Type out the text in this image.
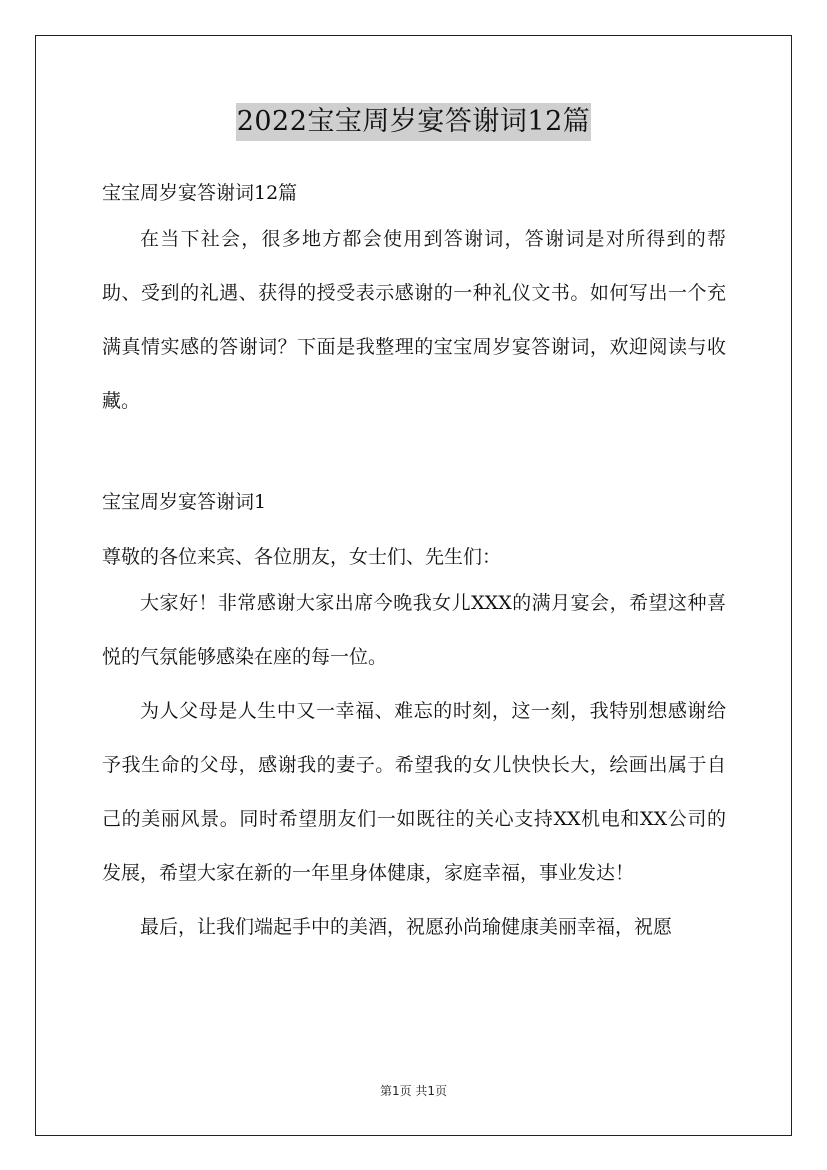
2022宝宝周岁宴答谢词12篇

宝宝周岁宴答谢词12篇

在当下社会，很多地方都会使用到答谢词，答谢词是对所得到的帮助、受到的礼遇、获得的授受表示感谢的一种礼仪文书。如何写出一个充满真情实感的答谢词？下面是我整理的宝宝周岁宴答谢词，欢迎阅读与收藏。

宝宝周岁宴答谢词1

尊敬的各位来宾、各位朋友，女士们、先生们：

大家好！非常感谢大家出席今晚我女儿XXX的满月宴会，希望这种喜悦的气氛能够感染在座的每一位。

为人父母是人生中又一幸福、难忘的时刻，这一刻，我特别想感谢给予我生命的父母，感谢我的妻子。希望我的女儿快快长大，绘画出属于自己的美丽风景。同时希望朋友们一如既往的关心支持XX机电和XX公司的发展，希望大家在新的一年里身体健康，家庭幸福，事业发达！

最后，让我们端起手中的美酒，祝愿孙尚瑜健康美丽幸福，祝愿

第1页 共1页
